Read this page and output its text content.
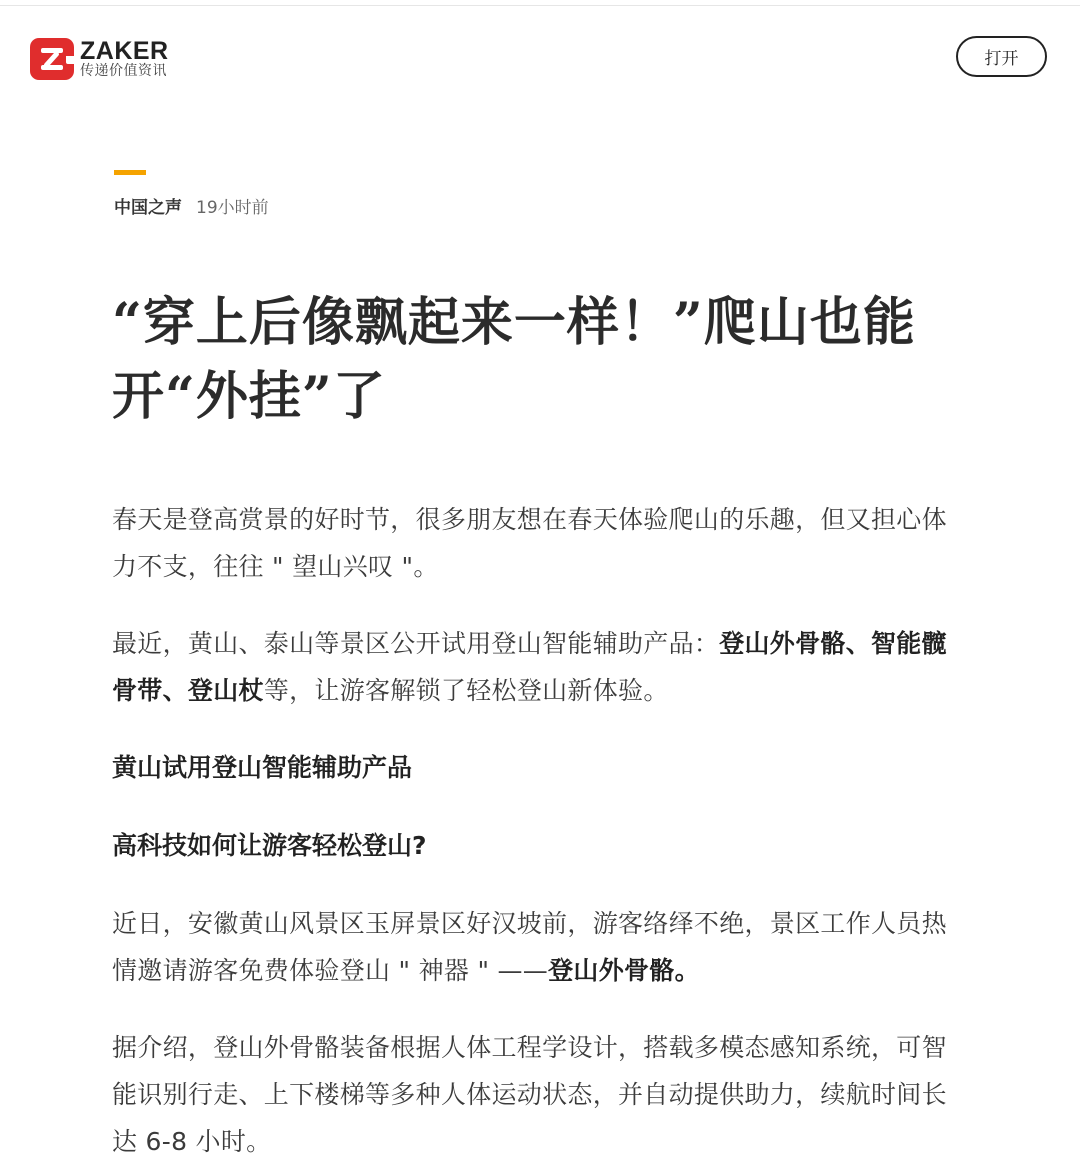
ZAKER
传递价值资讯
打开
中国之声 19小时前
“穿上后像飘起来一样！”爬山也能开“外挂”了

春天是登高赏景的好时节，很多朋友想在春天体验爬山的乐趣，但又担心体力不支，往往 " 望山兴叹 "。

最近，黄山、泰山等景区公开试用登山智能辅助产品：登山外骨骼、智能髋骨带、登山杖等，让游客解锁了轻松登山新体验。

黄山试用登山智能辅助产品

高科技如何让游客轻松登山?

近日，安徽黄山风景区玉屏景区好汉坡前，游客络绎不绝，景区工作人员热情邀请游客免费体验登山 " 神器 " ——登山外骨骼。

据介绍，登山外骨骼装备根据人体工程学设计，搭载多模态感知系统，可智能识别行走、上下楼梯等多种人体运动状态，并自动提供助力，续航时间长达 6-8 小时。
